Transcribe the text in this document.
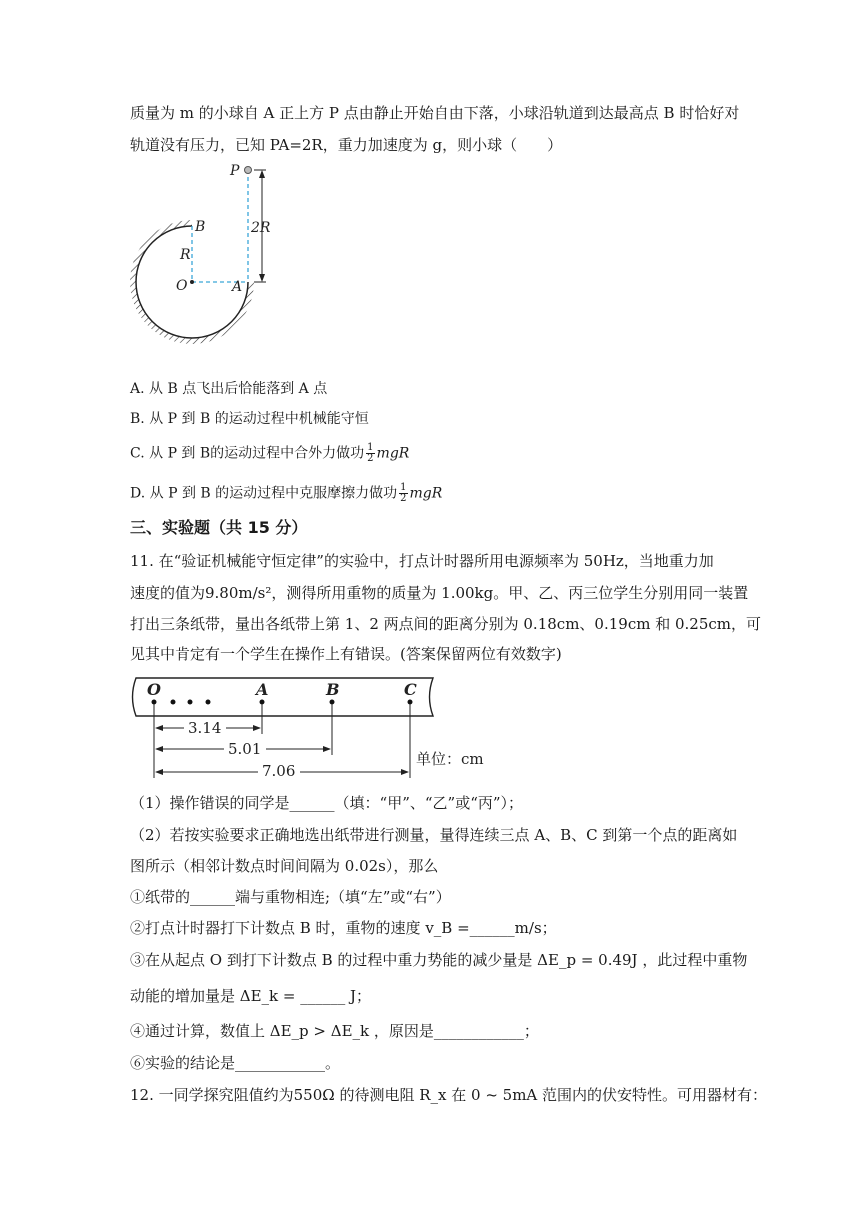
质量为 m 的小球自 A 正上方 P 点由静止开始自由下落，小球沿轨道到达最高点 B 时恰好对
轨道没有压力，已知 PA=2R，重力加速度为 g，则小球（　　）
P
B
R
O	A
2R
A. 从 B 点飞出后恰能落到 A 点
B. 从 P 到 B 的运动过程中机械能守恒
C. 从 P 到 B的运动过程中合外力做功 $\frac{1}{2}$ mgR
D. 从 P 到 B 的运动过程中克服摩擦力做功 $\frac{1}{2}$ mgR
三、实验题（共 15 分）
11. 在“验证机械能守恒定律”的实验中，打点计时器所用电源频率为 50Hz，当地重力加
速度的值为9.80m/s²，测得所用重物的质量为 1.00kg。甲、乙、丙三位学生分别用同一装置
打出三条纸带，量出各纸带上第 1、2 两点间的距离分别为 0.18cm、0.19cm 和 0.25cm，可
见其中肯定有一个学生在操作上有错误。(答案保留两位有效数字)
O	A	B	C
3.14
5.01
7.06
单位：cm
（1）操作错误的同学是______（填：“甲”、“乙”或“丙”）；
（2）若按实验要求正确地选出纸带进行测量，量得连续三点 A、B、C 到第一个点的距离如
图所示（相邻计数点时间间隔为 0.02s），那么
①纸带的______端与重物相连;（填“左”或“右”）
②打点计时器打下计数点 B 时，重物的速度 v_B =______m/s；
③在从起点 O 到打下计数点 B 的过程中重力势能的减少量是 ΔE_p = 0.49J ，此过程中重物
动能的增加量是 ΔE_k = ______ J；
④通过计算，数值上 ΔE_p > ΔE_k ，原因是____________；
⑥实验的结论是____________。
12. 一同学探究阻值约为550Ω 的待测电阻 R_x 在 0 ~ 5mA 范围内的伏安特性。可用器材有：
